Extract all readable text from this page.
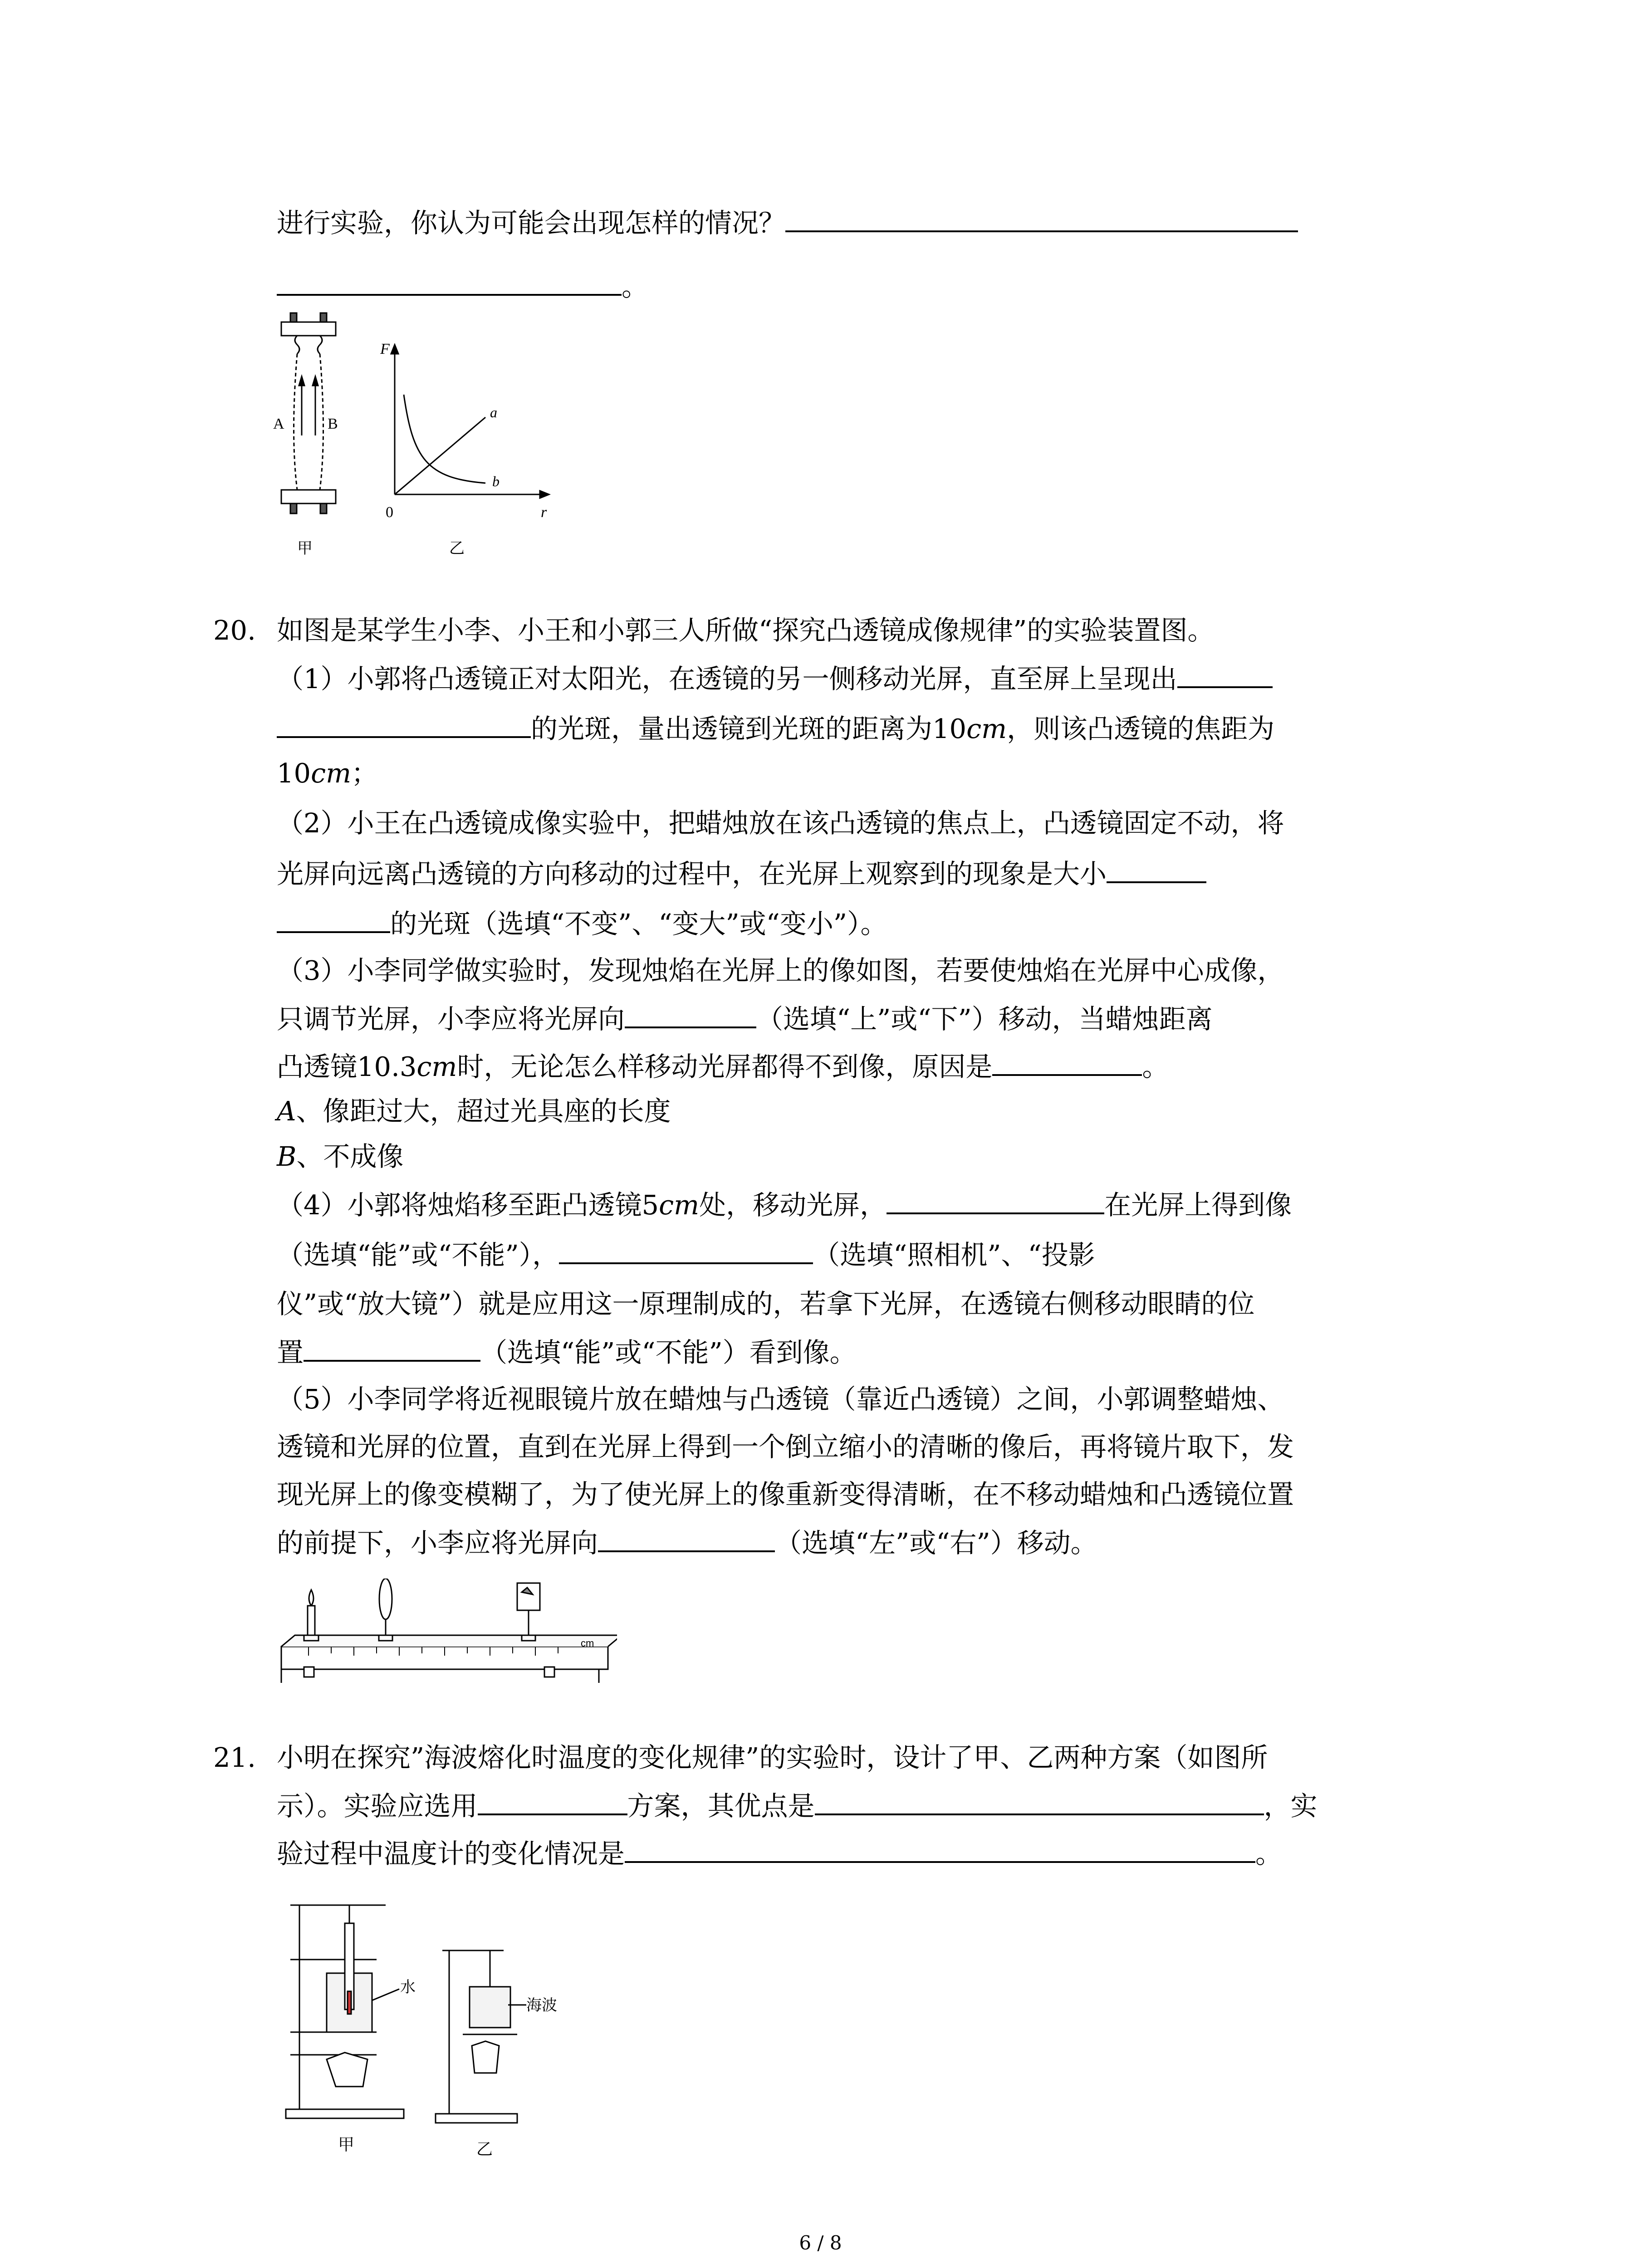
进行实验，你认为可能会出现怎样的情况？
。
A	B
甲
F
r
0
a
b
乙
20. 如图是某学生小李、小王和小郭三人所做“探究凸透镜成像规律”的实验装置图。
（1）小郭将凸透镜正对太阳光，在透镜的另一侧移动光屏，直至屏上呈现出
的光斑，量出透镜到光斑的距离为10cm，则该凸透镜的焦距为
10cm；
（2）小王在凸透镜成像实验中，把蜡烛放在该凸透镜的焦点上，凸透镜固定不动，将
光屏向远离凸透镜的方向移动的过程中，在光屏上观察到的现象是大小
的光斑（选填“不变”、“变大”或“变小”）。
（3）小李同学做实验时，发现烛焰在光屏上的像如图，若要使烛焰在光屏中心成像，
只调节光屏，小李应将光屏向	（选填“上”或“下”）移动，当蜡烛距离
凸透镜10.3cm时，无论怎么样移动光屏都得不到像，原因是	。
A、像距过大，超过光具座的长度
B、不成像
（4）小郭将烛焰移至距凸透镜5cm处，移动光屏，	在光屏上得到像
（选填“能”或“不能”），	（选填“照相机”、“投影
仪”或“放大镜”）就是应用这一原理制成的，若拿下光屏，在透镜右侧移动眼睛的位
置	（选填“能”或“不能”）看到像。
（5）小李同学将近视眼镜片放在蜡烛与凸透镜（靠近凸透镜）之间，小郭调整蜡烛、
透镜和光屏的位置，直到在光屏上得到一个倒立缩小的清晰的像后，再将镜片取下，发
现光屏上的像变模糊了，为了使光屏上的像重新变得清晰，在不移动蜡烛和凸透镜位置
的前提下，小李应将光屏向	（选填“左”或“右”）移动。
cm
21. 小明在探究”海波熔化时温度的变化规律”的实验时，设计了甲、乙两种方案（如图所
示）。实验应选用	方案，其优点是	，实
验过程中温度计的变化情况是	。
水
海波
甲	乙
6 / 8
